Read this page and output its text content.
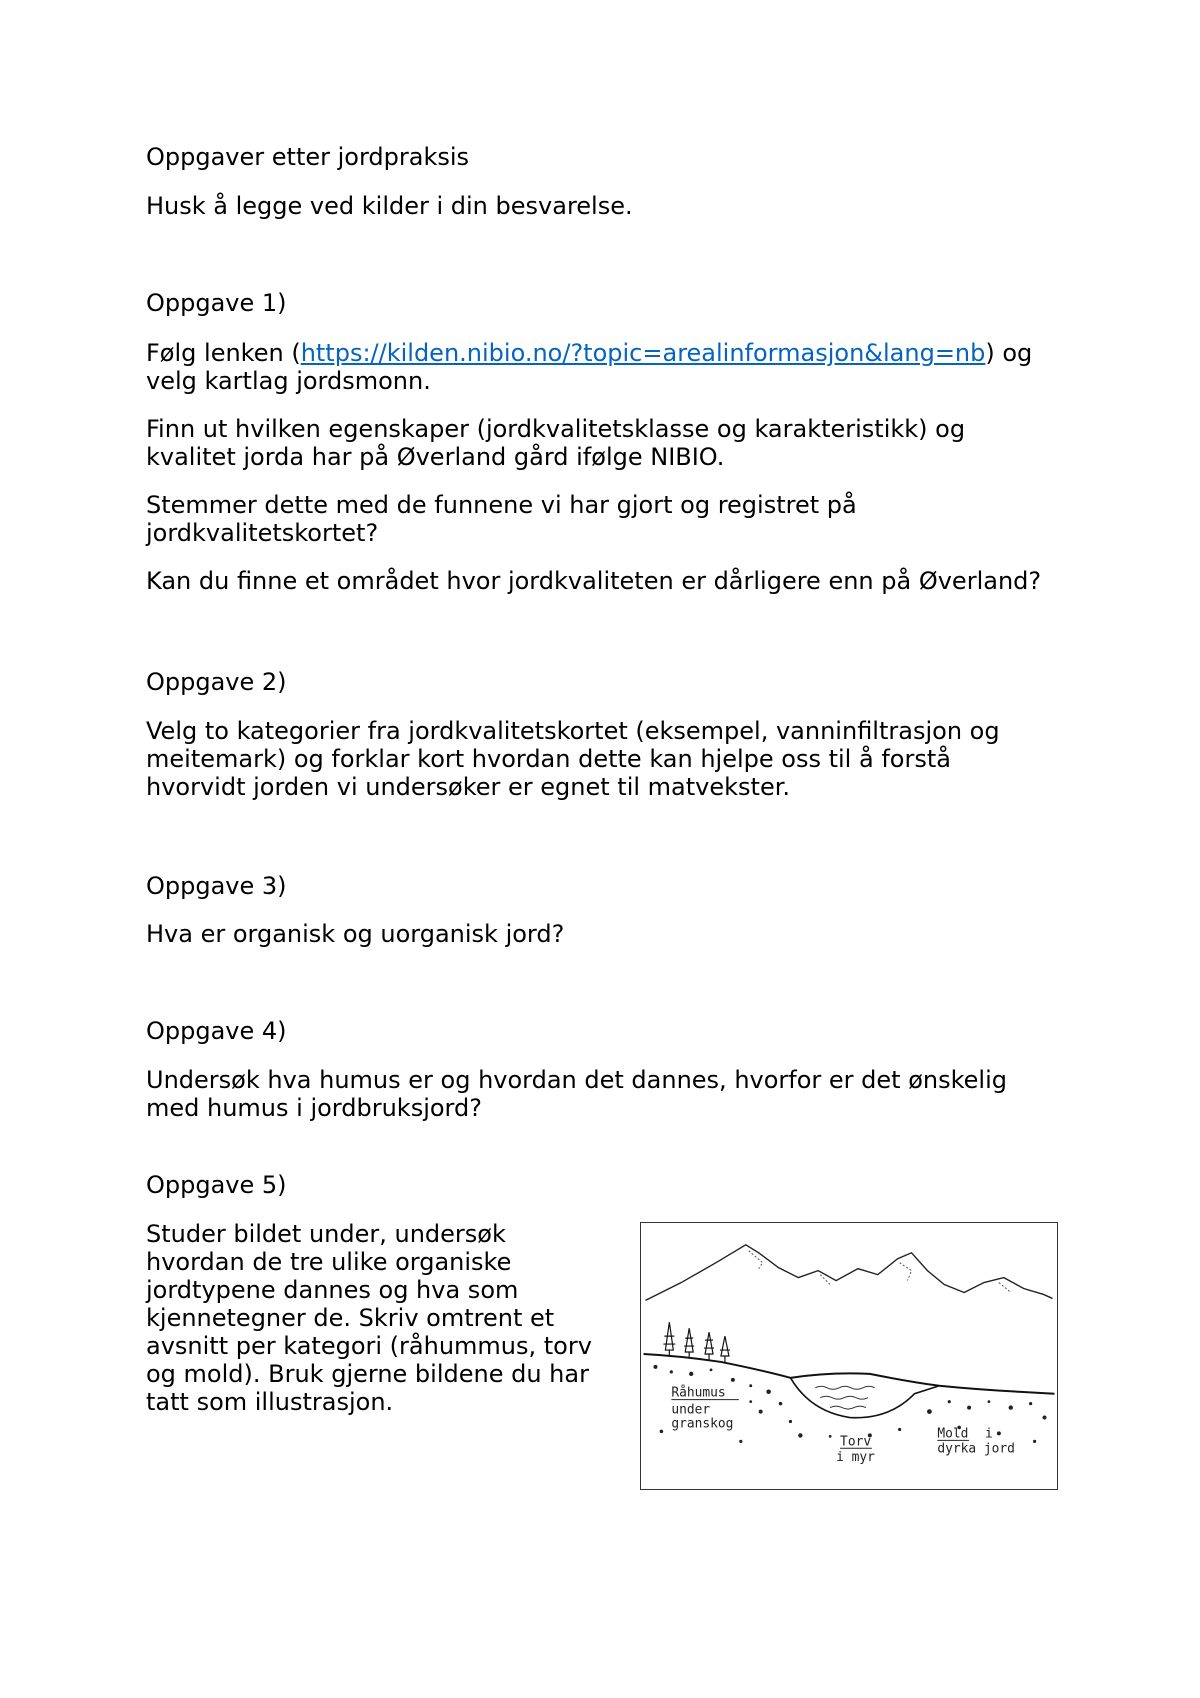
Oppgaver etter jordpraksis

Husk å legge ved kilder i din besvarelse.

Oppgave 1)

Følg lenken (https://kilden.nibio.no/?topic=arealinformasjon&lang=nb) og

velg kartlag jordsmonn.

Finn ut hvilken egenskaper (jordkvalitetsklasse og karakteristikk) og

kvalitet jorda har på Øverland gård ifølge NIBIO.

Stemmer dette med de funnene vi har gjort og registret på

jordkvalitetskortet?

Kan du finne et området hvor jordkvaliteten er dårligere enn på Øverland?

Oppgave 2)

Velg to kategorier fra jordkvalitetskortet (eksempel, vanninfiltrasjon og

meitemark) og forklar kort hvordan dette kan hjelpe oss til å forstå

hvorvidt jorden vi undersøker er egnet til matvekster.

Oppgave 3)

Hva er organisk og uorganisk jord?

Oppgave 4)

Undersøk hva humus er og hvordan det dannes, hvorfor er det ønskelig

med humus i jordbruksjord?

Oppgave 5)

Studer bildet under, undersøk

hvordan de tre ulike organiske

jordtypene dannes og hva som

kjennetegner de. Skriv omtrent et

avsnitt per kategori (råhummus, torv

og mold). Bruk gjerne bildene du har

tatt som illustrasjon.	Råhumus
under
granskog
Torv
i myr
Mold i
dyrka jord
